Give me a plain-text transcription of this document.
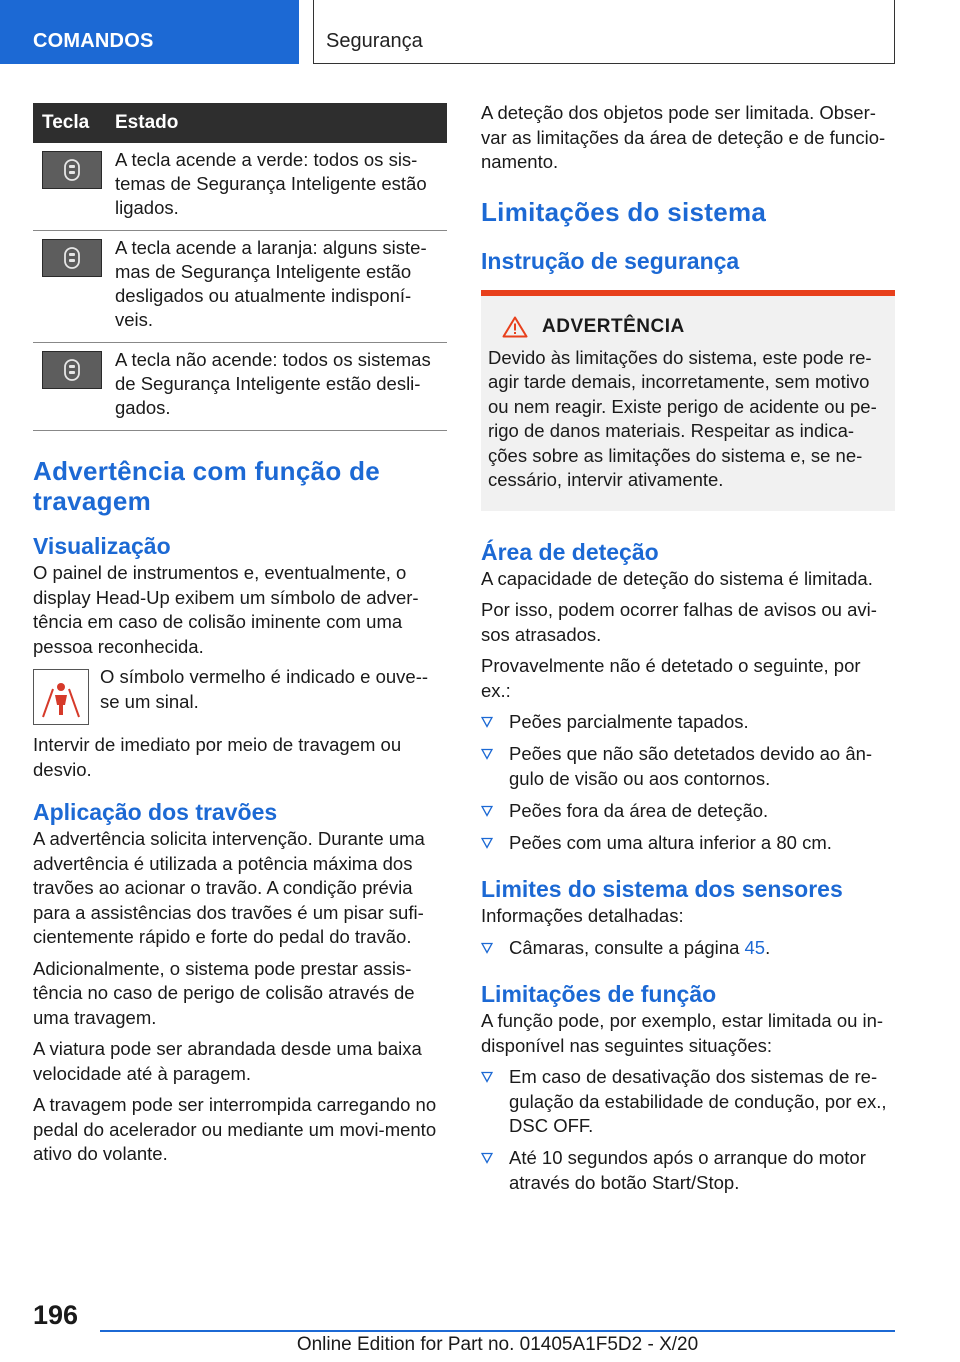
COMANDOS	Segurança
Tecla	Estado

	A tecla acende a verde: todos os sis-temas de Segurança Inteligente estão ligados.

	A tecla acende a laranja: alguns siste-mas de Segurança Inteligente estão desligados ou atualmente indisponí-veis.

	A tecla não acende: todos os sistemas de Segurança Inteligente estão desli-gados.
Advertência com função de travagem
Visualização

O painel de instrumentos e, eventualmente, o display Head-Up exibem um símbolo de adver-tência em caso de colisão iminente com uma pessoa reconhecida.

O símbolo vermelho é indicado e ouve--se um sinal.

Intervir de imediato por meio de travagem ou desvio.

Aplicação dos travões

A advertência solicita intervenção. Durante uma advertência é utilizada a potência máxima dos travões ao acionar o travão. A condição prévia para a assistências dos travões é um pisar sufi-cientemente rápido e forte do pedal do travão.

Adicionalmente, o sistema pode prestar assis-tência no caso de perigo de colisão através de uma travagem.

A viatura pode ser abrandada desde uma baixa velocidade até à paragem.

A travagem pode ser interrompida carregando no pedal do acelerador ou mediante um movi-mento ativo do volante.

A deteção dos objetos pode ser limitada. Obser-var as limitações da área de deteção e de funcio-namento.

Limitações do sistema
Instrução de segurança
ADVERTÊNCIA

Devido às limitações do sistema, este pode re-agir tarde demais, incorretamente, sem motivo ou nem reagir. Existe perigo de acidente ou pe-rigo de danos materiais. Respeitar as indica-ções sobre as limitações do sistema e, se ne-cessário, intervir ativamente.

Área de deteção

A capacidade de deteção do sistema é limitada.

Por isso, podem ocorrer falhas de avisos ou avi-sos atrasados.

Provavelmente não é detetado o seguinte, por ex.:

Peões parcialmente tapados.
Peões que não são detetados devido ao ân-gulo de visão ou aos contornos.
Peões fora da área de deteção.
Peões com uma altura inferior a 80 cm.
Limites do sistema dos sensores

Informações detalhadas:

Câmaras, consulte a página 45.
Limitações de função

A função pode, por exemplo, estar limitada ou in-disponível nas seguintes situações:

Em caso de desativação dos sistemas de re-gulação da estabilidade de condução, por ex., DSC OFF.
Até 10 segundos após o arranque do motor através do botão Start/Stop.
196
Online Edition for Part no. 01405A1F5D2 - X/20
